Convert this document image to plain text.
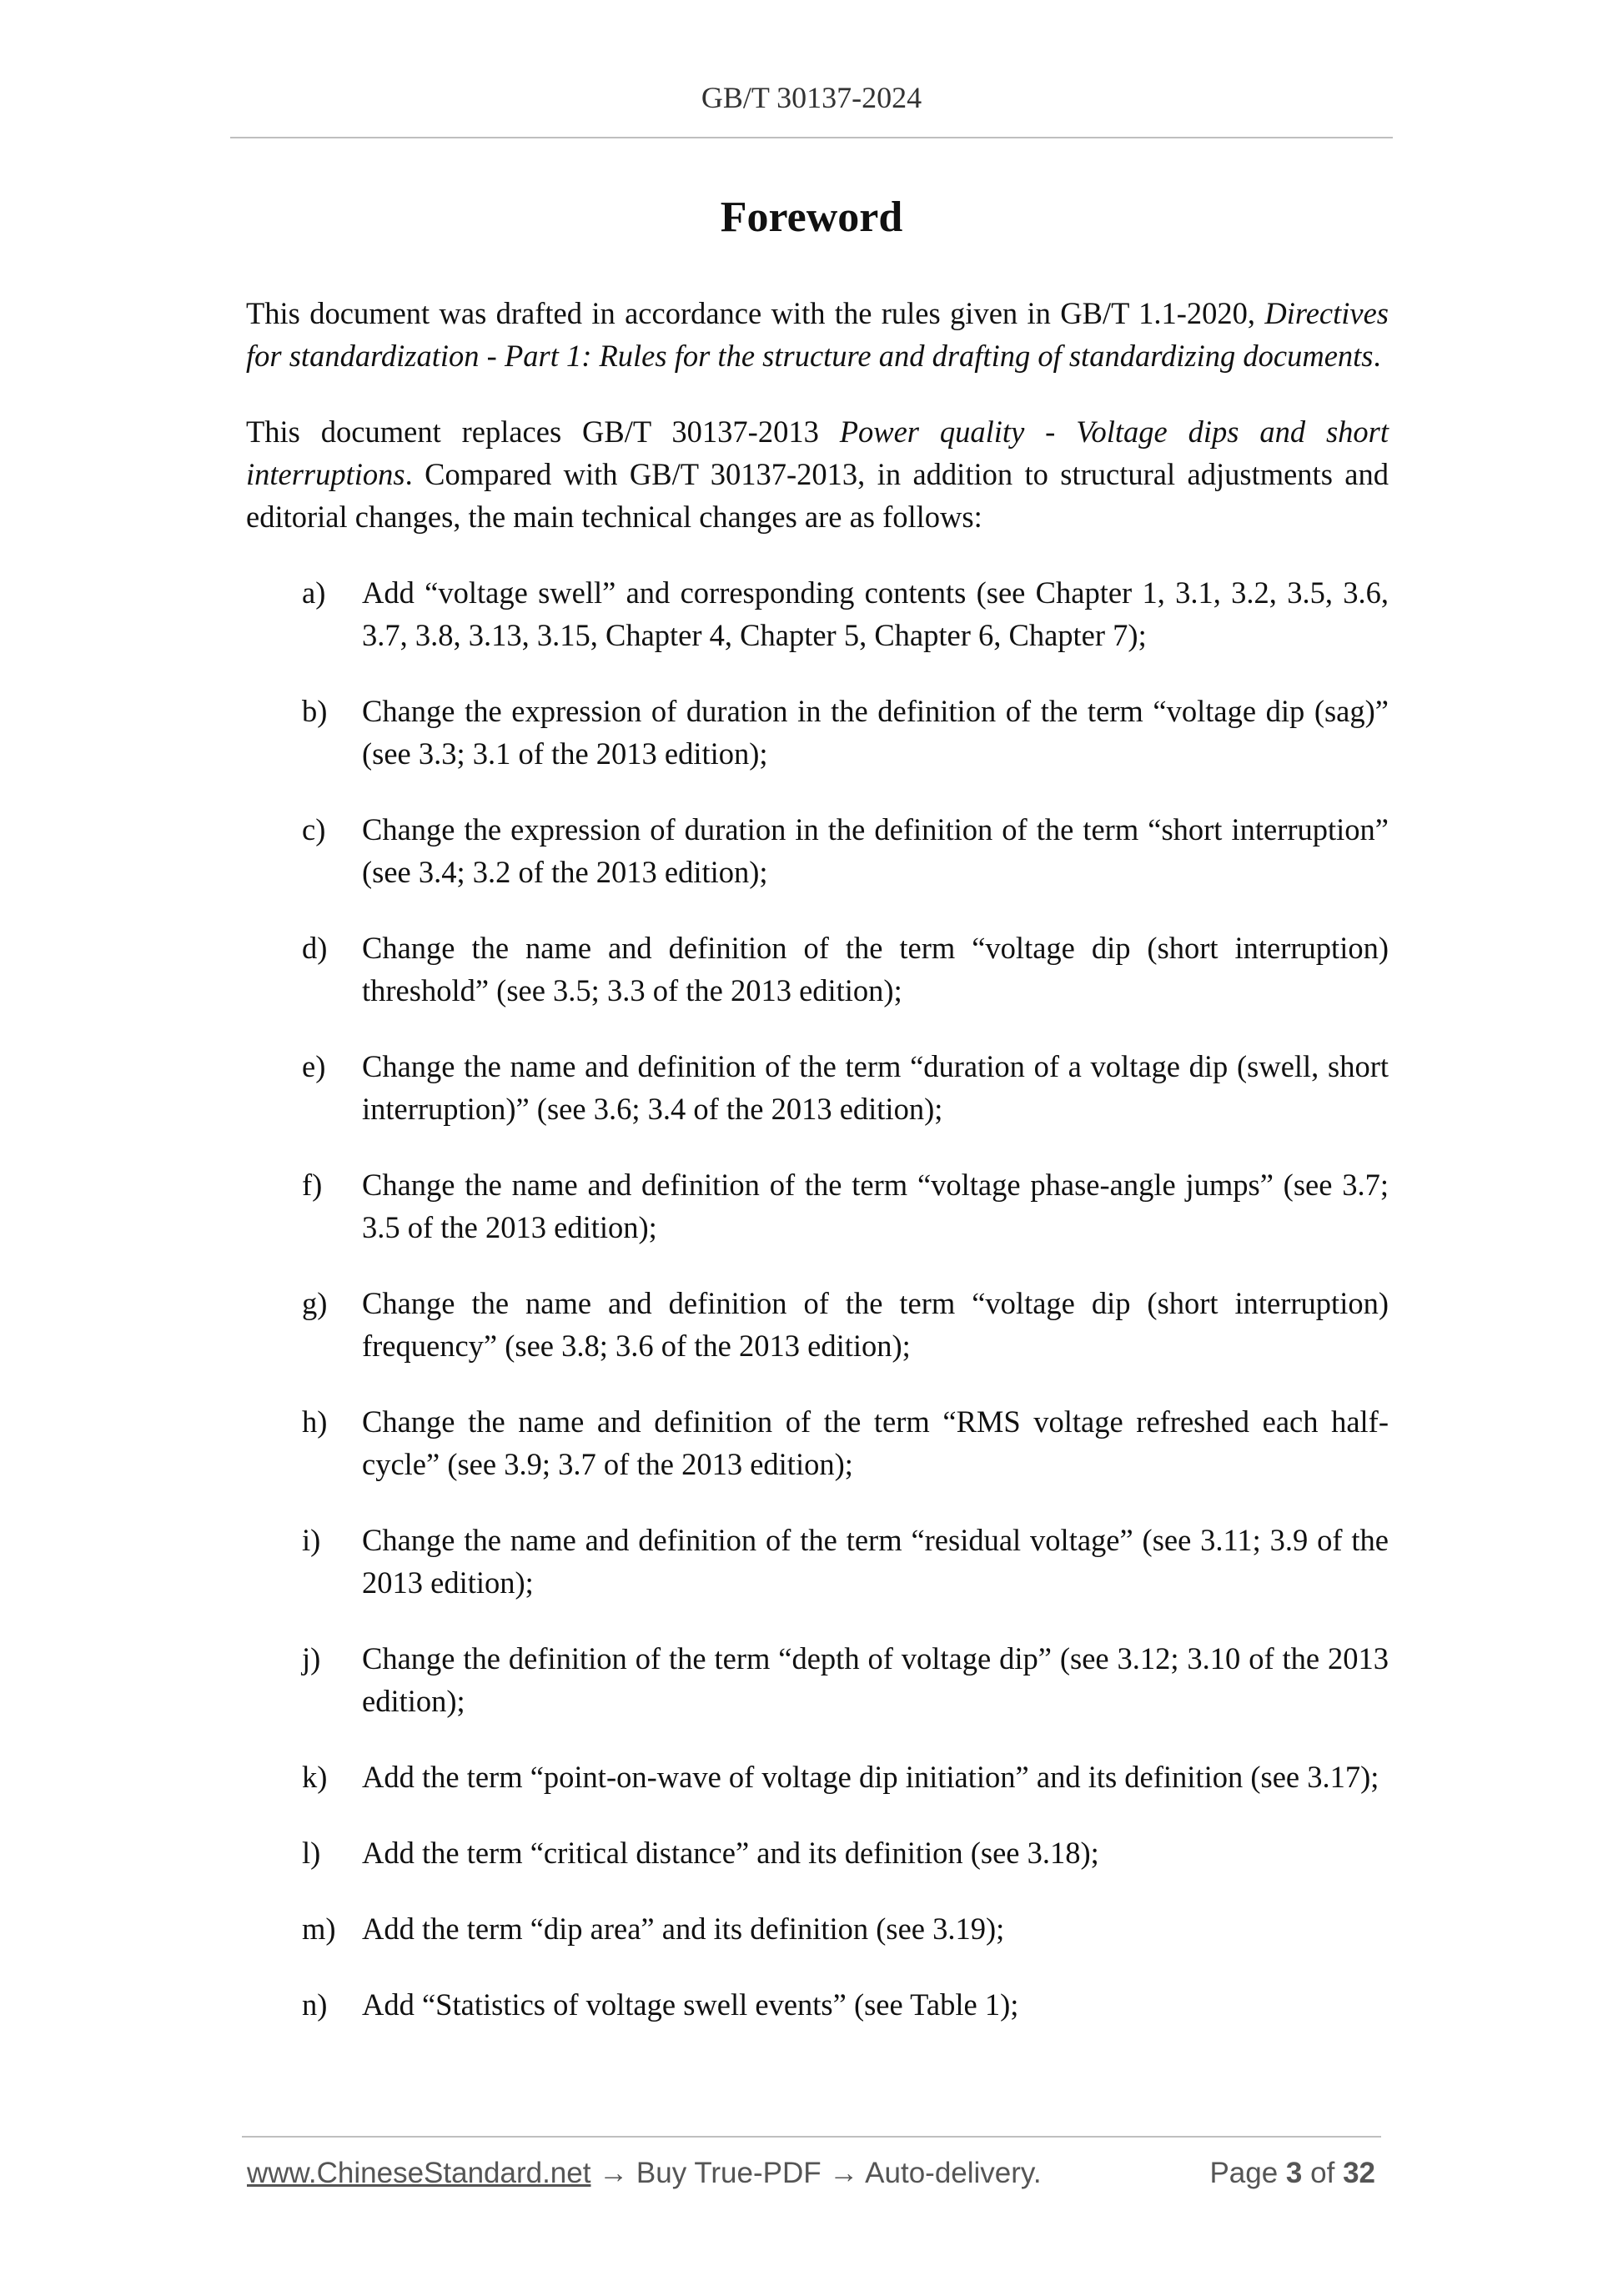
GB/T 30137-2024
Foreword

This document was drafted in accordance with the rules given in GB/T 1.1-2020, Directives for standardization - Part 1: Rules for the structure and drafting of standardizing documents.

This document replaces GB/T 30137-2013 Power quality - Voltage dips and short interruptions. Compared with GB/T 30137-2013, in addition to structural adjustments and editorial changes, the main technical changes are as follows:

a) Add “voltage swell” and corresponding contents (see Chapter 1, 3.1, 3.2, 3.5, 3.6, 3.7, 3.8, 3.13, 3.15, Chapter 4, Chapter 5, Chapter 6, Chapter 7);
b) Change the expression of duration in the definition of the term “voltage dip (sag)” (see 3.3; 3.1 of the 2013 edition);
c) Change the expression of duration in the definition of the term “short interruption” (see 3.4; 3.2 of the 2013 edition);
d) Change the name and definition of the term “voltage dip (short interruption) threshold” (see 3.5; 3.3 of the 2013 edition);
e) Change the name and definition of the term “duration of a voltage dip (swell, short interruption)” (see 3.6; 3.4 of the 2013 edition);
f) Change the name and definition of the term “voltage phase-angle jumps” (see 3.7; 3.5 of the 2013 edition);
g) Change the name and definition of the term “voltage dip (short interruption) frequency” (see 3.8; 3.6 of the 2013 edition);
h) Change the name and definition of the term “RMS voltage refreshed each half-cycle” (see 3.9; 3.7 of the 2013 edition);
i) Change the name and definition of the term “residual voltage” (see 3.11; 3.9 of the 2013 edition);
j) Change the definition of the term “depth of voltage dip” (see 3.12; 3.10 of the 2013 edition);
k) Add the term “point-on-wave of voltage dip initiation” and its definition (see 3.17);
l) Add the term “critical distance” and its definition (see 3.18);
m) Add the term “dip area” and its definition (see 3.19);
n) Add “Statistics of voltage swell events” (see Table 1);
www.ChineseStandard.net → Buy True-PDF → Auto-delivery.	Page 3 of 32
